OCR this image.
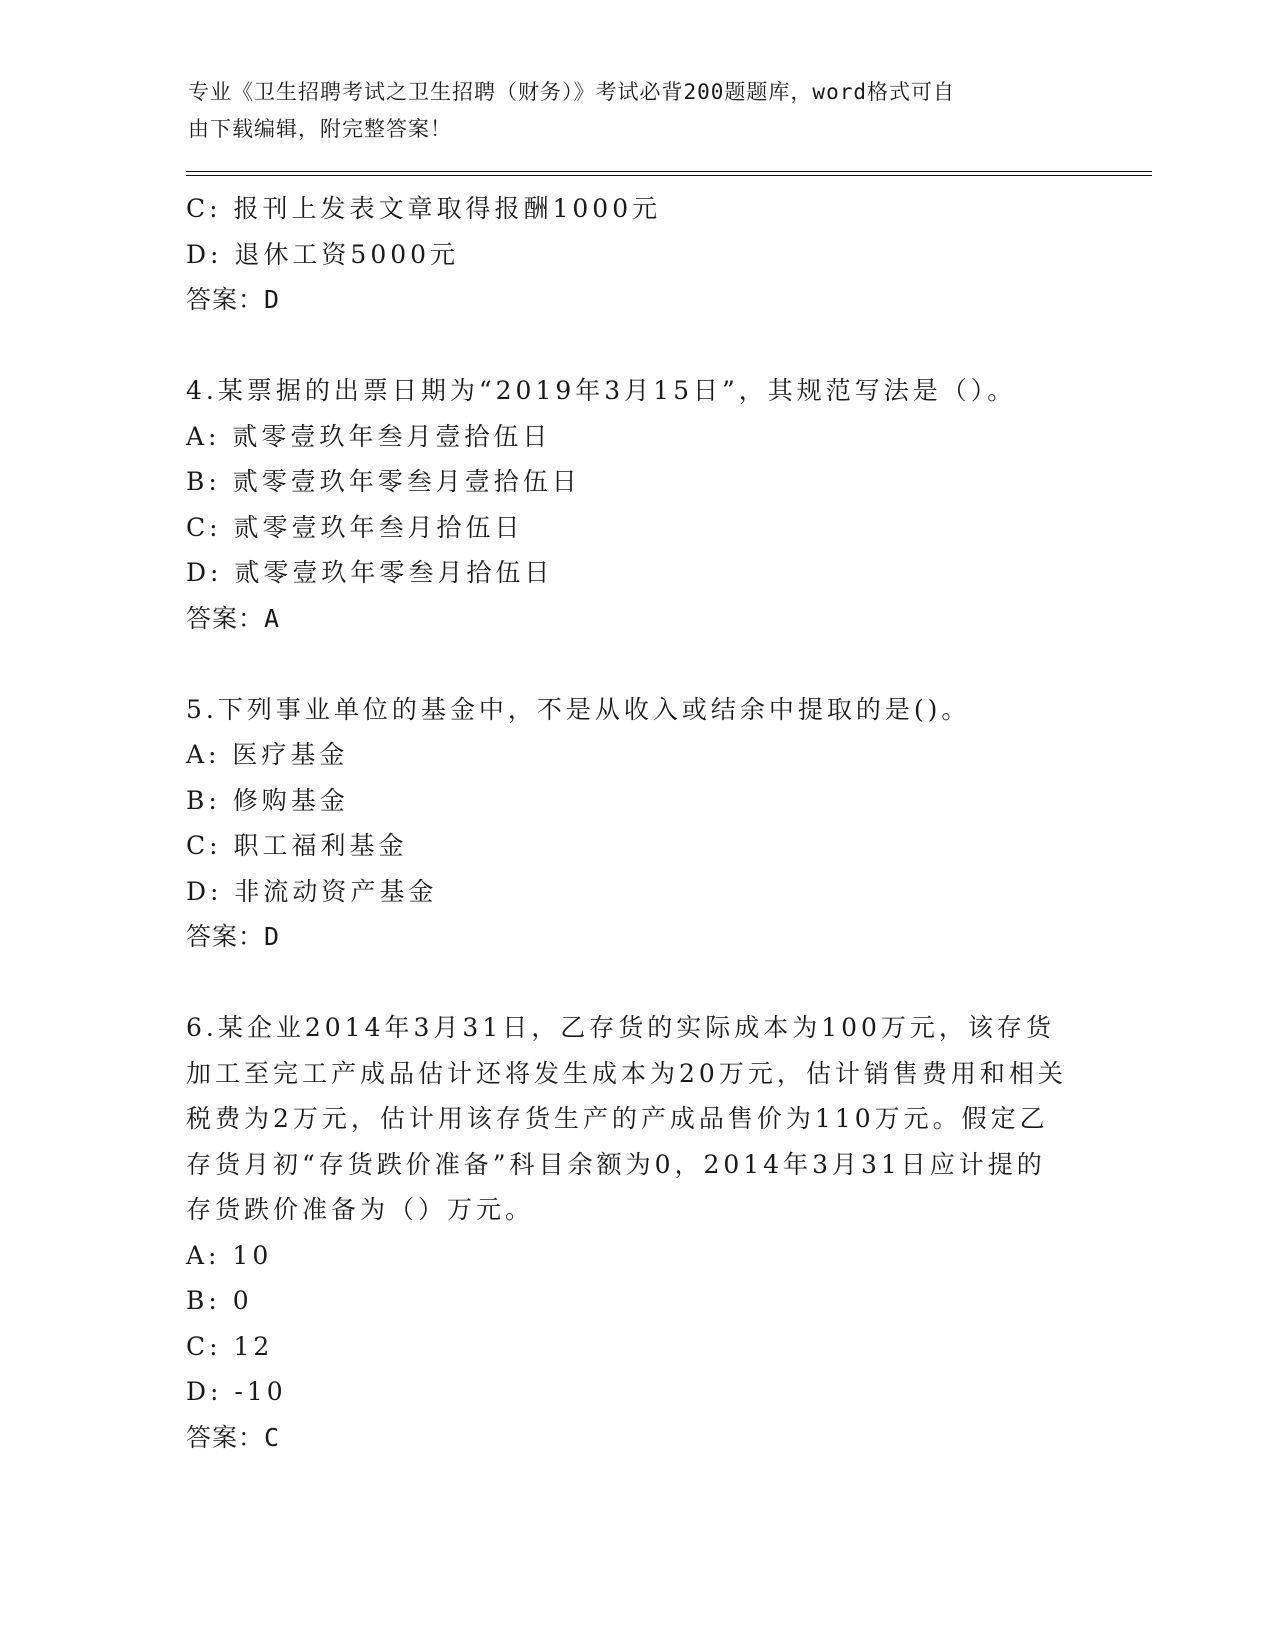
专业《卫生招聘考试之卫生招聘（财务）》考试必背200题题库，word格式可自
由下载编辑，附完整答案！
C: 报刊上发表文章取得报酬1000元
D: 退休工资5000元
答案：D
4.某票据的出票日期为“2019年3月15日”，其规范写法是（）。
A: 贰零壹玖年叁月壹拾伍日
B: 贰零壹玖年零叁月壹拾伍日
C: 贰零壹玖年叁月拾伍日
D: 贰零壹玖年零叁月拾伍日
答案：A
5.下列事业单位的基金中，不是从收入或结余中提取的是()。
A: 医疗基金
B: 修购基金
C: 职工福利基金
D: 非流动资产基金
答案：D
6.某企业2014年3月31日，乙存货的实际成本为100万元，该存货
加工至完工产成品估计还将发生成本为20万元，估计销售费用和相关
税费为2万元，估计用该存货生产的产成品售价为110万元。假定乙
存货月初“存货跌价准备”科目余额为0，2014年3月31日应计提的
存货跌价准备为（）万元。
A: 10
B: 0
C: 12
D: -10
答案：C
